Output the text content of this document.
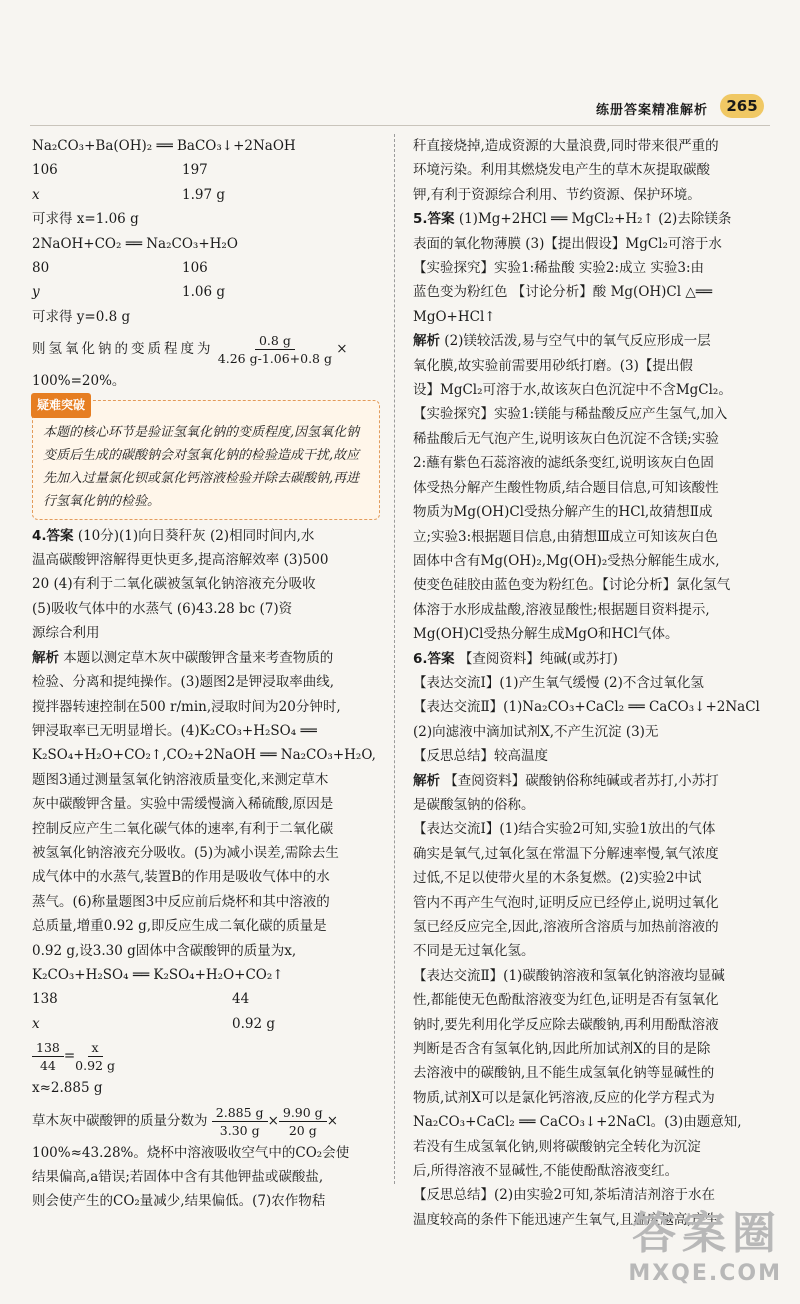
练册答案精准解析	265
Na₂CO₃+Ba(OH)₂ ══ BaCO₃↓+2NaOH
106	197
x	1.97 g
可求得 x=1.06 g
2NaOH+CO₂ ══ Na₂CO₃+H₂O
80	106
y	1.06 g
可求得 y=0.8 g
则氢氧化钠的变质程度为 $\frac{0.8 g}{4.26 g-1.06+0.8 g}$ ×
100%=20%。
疑难突破

本题的核心环节是验证氢氧化钠的变质程度,因氢氧化钠变质后生成的碳酸钠会对氢氧化钠的检验造成干扰,故应先加入过量氯化钡或氯化钙溶液检验并除去碳酸钠,再进行氢氧化钠的检验。

4.答案 (10分)(1)向日葵秆灰 (2)相同时间内,水
温高碳酸钾溶解得更快更多,提高溶解效率 (3)500
20 (4)有利于二氧化碳被氢氧化钠溶液充分吸收
(5)吸收气体中的水蒸气 (6)43.28 bc (7)资
源综合利用
解析 本题以测定草木灰中碳酸钾含量来考查物质的
检验、分离和提纯操作。(3)题图2是钾浸取率曲线,
搅拌器转速控制在500 r/min,浸取时间为20分钟时,
钾浸取率已无明显增长。(4)K₂CO₃+H₂SO₄ ══
K₂SO₄+H₂O+CO₂↑,CO₂+2NaOH ══ Na₂CO₃+H₂O,
题图3通过测量氢氧化钠溶液质量变化,来测定草木
灰中碳酸钾含量。实验中需缓慢滴入稀硫酸,原因是
控制反应产生二氧化碳气体的速率,有利于二氧化碳
被氢氧化钠溶液充分吸收。(5)为减小误差,需除去生
成气体中的水蒸气,装置B的作用是吸收气体中的水
蒸气。(6)称量题图3中反应前后烧杯和其中溶液的
总质量,增重0.92 g,即反应生成二氧化碳的质量是
0.92 g,设3.30 g固体中含碳酸钾的质量为x,
K₂CO₃+H₂SO₄ ══ K₂SO₄+H₂O+CO₂↑
138	44
x	0.92 g
$\frac{138}{44} = \frac{x}{0.92 g}$
x≈2.885 g
草木灰中碳酸钾的质量分数为 $\frac{2.885 g}{3.30 g} \times \frac{9.90 g}{20 g}$ ×
100%≈43.28%。烧杯中溶液吸收空气中的CO₂会使
结果偏高,a错误;若固体中含有其他钾盐或碳酸盐,
则会使产生的CO₂量减少,结果偏低。(7)农作物秸
秆直接烧掉,造成资源的大量浪费,同时带来很严重的
环境污染。利用其燃烧发电产生的草木灰提取碳酸
钾,有利于资源综合利用、节约资源、保护环境。
5.答案 (1)Mg+2HCl ══ MgCl₂+H₂↑ (2)去除镁条
表面的氧化物薄膜 (3)【提出假设】MgCl₂可溶于水
【实验探究】实验1:稀盐酸 实验2:成立 实验3:由
蓝色变为粉红色 【讨论分析】酸 Mg(OH)Cl △══
MgO+HCl↑
解析 (2)镁较活泼,易与空气中的氧气反应形成一层
氧化膜,故实验前需要用砂纸打磨。(3)【提出假
设】MgCl₂可溶于水,故该灰白色沉淀中不含MgCl₂。
【实验探究】实验1:镁能与稀盐酸反应产生氢气,加入
稀盐酸后无气泡产生,说明该灰白色沉淀不含镁;实验
2:蘸有紫色石蕊溶液的滤纸条变红,说明该灰白色固
体受热分解产生酸性物质,结合题目信息,可知该酸性
物质为Mg(OH)Cl受热分解产生的HCl,故猜想Ⅱ成
立;实验3:根据题目信息,由猜想Ⅲ成立可知该灰白色
固体中含有Mg(OH)₂,Mg(OH)₂受热分解能生成水,
使变色硅胶由蓝色变为粉红色。【讨论分析】氯化氢气
体溶于水形成盐酸,溶液显酸性;根据题目资料提示,
Mg(OH)Cl受热分解生成MgO和HCl气体。
6.答案 【查阅资料】纯碱(或苏打)
【表达交流Ⅰ】(1)产生氧气缓慢 (2)不含过氧化氢
【表达交流Ⅱ】(1)Na₂CO₃+CaCl₂ ══ CaCO₃↓+2NaCl
(2)向滤液中滴加试剂X,不产生沉淀 (3)无
【反思总结】较高温度
解析 【查阅资料】碳酸钠俗称纯碱或者苏打,小苏打
是碳酸氢钠的俗称。
【表达交流Ⅰ】(1)结合实验2可知,实验1放出的气体
确实是氧气,过氧化氢在常温下分解速率慢,氧气浓度
过低,不足以使带火星的木条复燃。(2)实验2中试
管内不再产生气泡时,证明反应已经停止,说明过氧化
氢已经反应完全,因此,溶液所含溶质与加热前溶液的
不同是无过氧化氢。
【表达交流Ⅱ】(1)碳酸钠溶液和氢氧化钠溶液均显碱
性,都能使无色酚酞溶液变为红色,证明是否有氢氧化
钠时,要先利用化学反应除去碳酸钠,再利用酚酞溶液
判断是否含有氢氧化钠,因此所加试剂X的目的是除
去溶液中的碳酸钠,且不能生成氢氧化钠等显碱性的
物质,试剂X可以是氯化钙溶液,反应的化学方程式为
Na₂CO₃+CaCl₂ ══ CaCO₃↓+2NaCl。(3)由题意知,
若没有生成氢氧化钠,则将碳酸钠完全转化为沉淀
后,所得溶液不显碱性,不能使酚酞溶液变红。
【反思总结】(2)由实验2可知,茶垢清洁剂溶于水在
温度较高的条件下能迅速产生氧气,且温度越高,产生
答案圈
MXQE.COM
